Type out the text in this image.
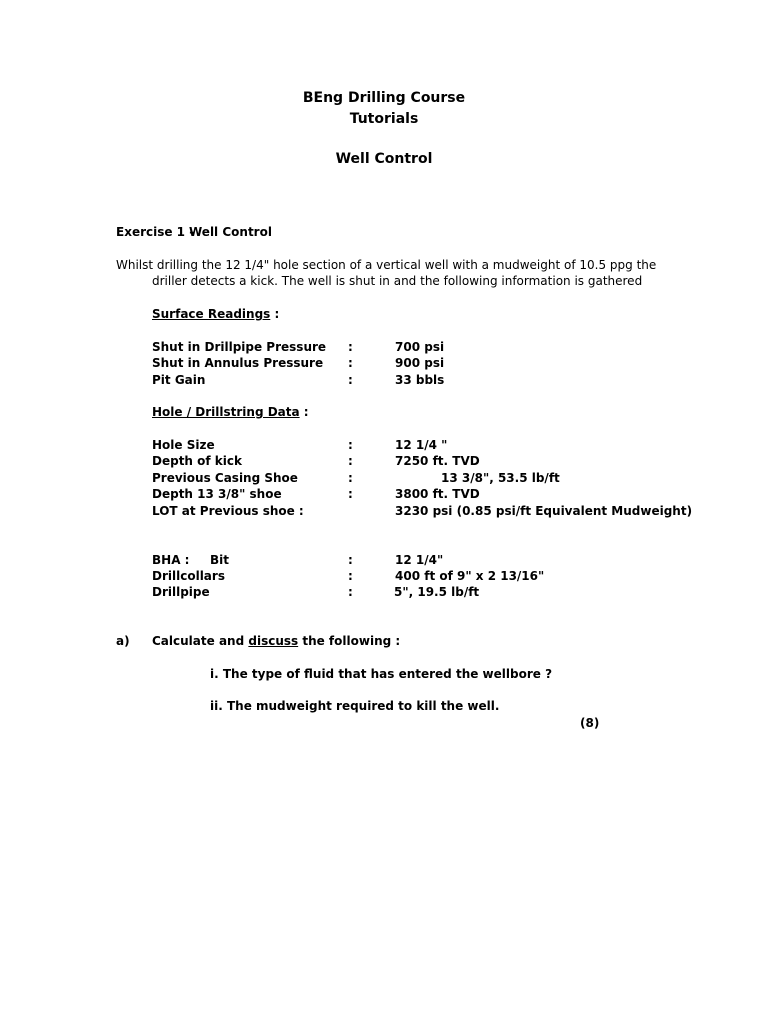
BEng Drilling Course
Tutorials
Well Control
Exercise 1 -
Well Control
Whilst drilling the 12 1/4" hole section of a vertical well with a mudweight of 10.5 ppg the
driller detects a kick. The well is shut in and the following information is gathered
Surface Readings :
Shut in Drillpipe Pressure :	700 psi
Shut in Annulus Pressure :	900 psi
Pit Gain	:	33 bbls
Hole / Drillstring Data :
Hole Size	:	12 1/4 "
Depth of kick	:	7250 ft. TVD
Previous Casing Shoe	:	13 3/8", 53.5 lb/ft
Depth 13 3/8" shoe	:	3800 ft. TVD
LOT at Previous shoe :	3230 psi (0.85 psi/ft Equivalent Mudweight)
BHA : Bit	:	12 1/4"
Drillcollars	:	400 ft of 9" x 2 13/16"
Drillpipe	:	5", 19.5 lb/ft
a) Calculate and discuss the following :
i. The type of fluid that has entered the wellbore ?
ii. The mudweight required to kill the well.
(8)
